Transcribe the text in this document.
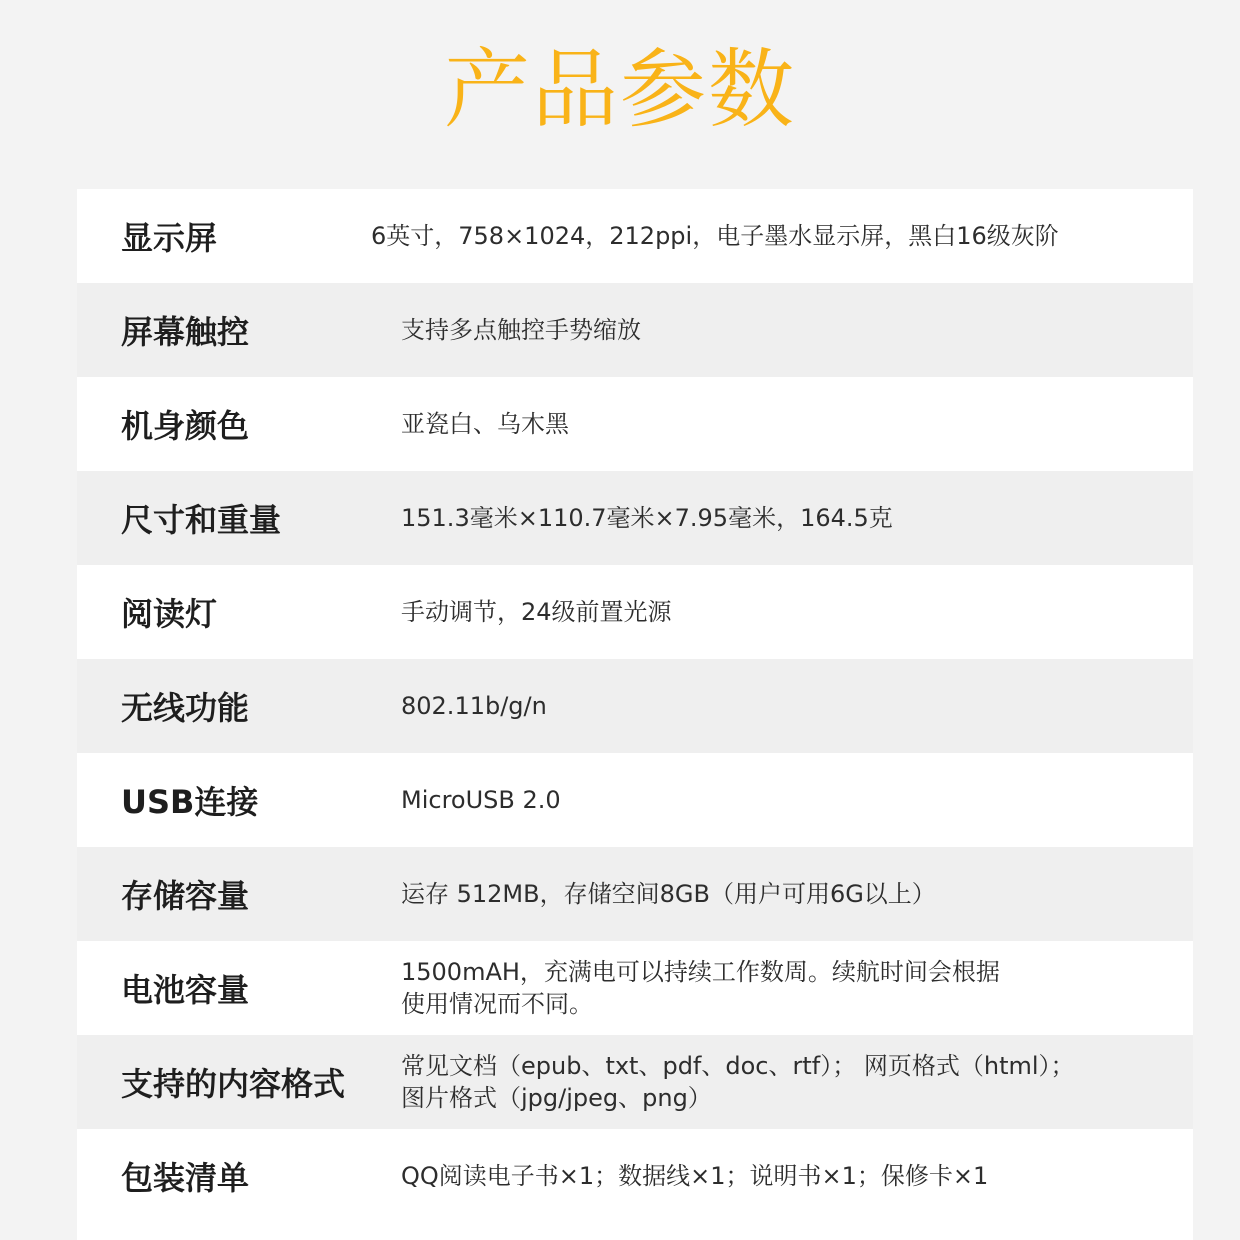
产品参数
显示屏	6英寸，758×1024，212ppi，电子墨水显示屏，黑白16级灰阶
屏幕触控	支持多点触控手势缩放
机身颜色	亚瓷白、乌木黑
尺寸和重量	151.3毫米×110.7毫米×7.95毫米，164.5克
阅读灯	手动调节，24级前置光源
无线功能	802.11b/g/n
USB连接	MicroUSB 2.0
存储容量	运存 512MB，存储空间8GB（用户可用6G以上）
电池容量	1500mAH，充满电可以持续工作数周。续航时间会根据
使用情况而不同。
支持的内容格式 常见文档（epub、txt、pdf、doc、rtf）； 网页格式（html）；
图片格式（jpg/jpeg、png）
包装清单	QQ阅读电子书×1；数据线×1；说明书×1；保修卡×1
